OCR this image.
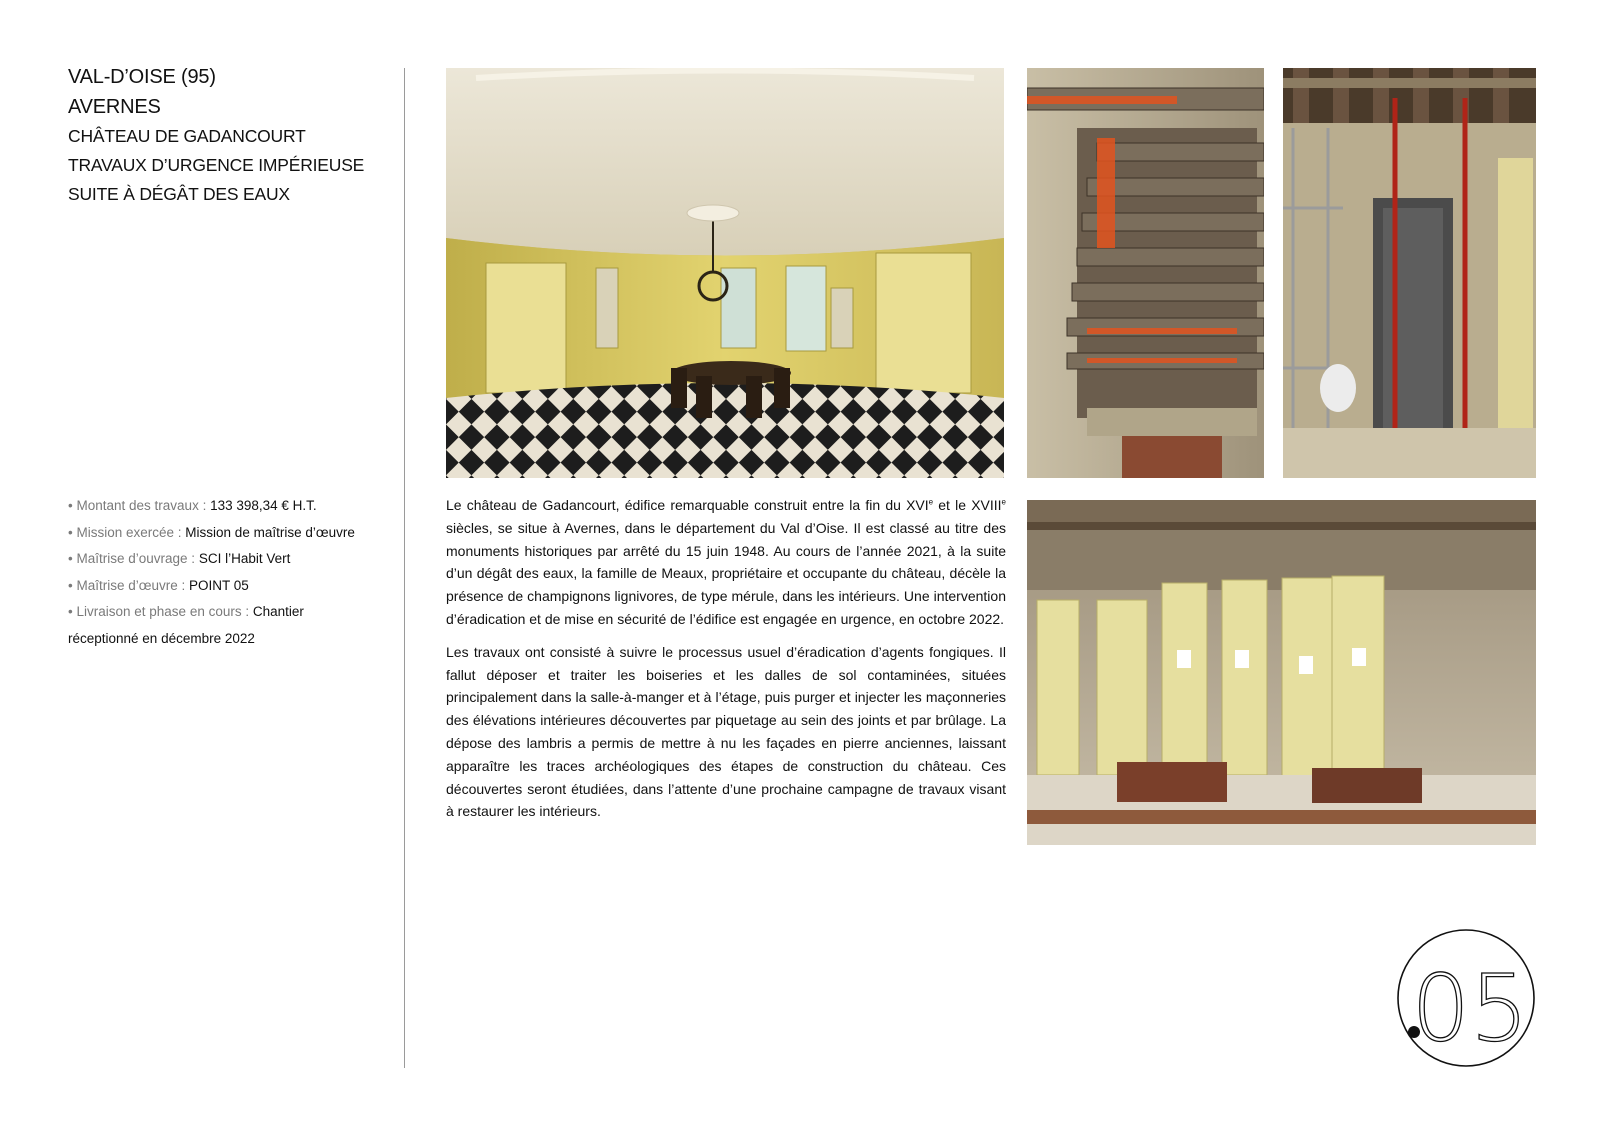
VAL-D’OISE (95)
AVERNES
CHÂTEAU DE GADANCOURT
TRAVAUX D’URGENCE IMPÉRIEUSE
SUITE À DÉGÂT DES EAUX
• Montant des travaux : 133 398,34 € H.T.
• Mission exercée : Mission de maîtrise d’œuvre
• Maîtrise d’ouvrage : SCI l’Habit Vert
• Maîtrise d’œuvre : POINT 05
• Livraison et phase en cours : Chantier réceptionné en décembre 2022

Le château de Gadancourt, édifice remarquable construit entre la fin du XVIe et le XVIIIe siècles, se situe à Avernes, dans le département du Val d’Oise. Il est classé au titre des monuments historiques par arrêté du 15 juin 1948. Au cours de l’année 2021, à la suite d’un dégât des eaux, la famille de Meaux, propriétaire et occupante du château, décèle la présence de champignons lignivores, de type mérule, dans les intérieurs. Une intervention d’éradication et de mise en sécurité de l’édifice est engagée en urgence, en octobre 2022.

Les travaux ont consisté à suivre le processus usuel d’éradication d’agents fongiques. Il fallut déposer et traiter les boiseries et les dalles de sol contaminées, situées principalement dans la salle-à-manger et à l’étage, puis purger et injecter les maçonneries des élévations intérieures découvertes par piquetage au sein des joints et par brûlage. La dépose des lambris a permis de mettre à nu les façades en pierre anciennes, laissant apparaître les traces archéologiques des étapes de construction du château. Ces découvertes seront étudiées, dans l’attente d’une prochaine campagne de travaux visant à restaurer les intérieurs.

05
